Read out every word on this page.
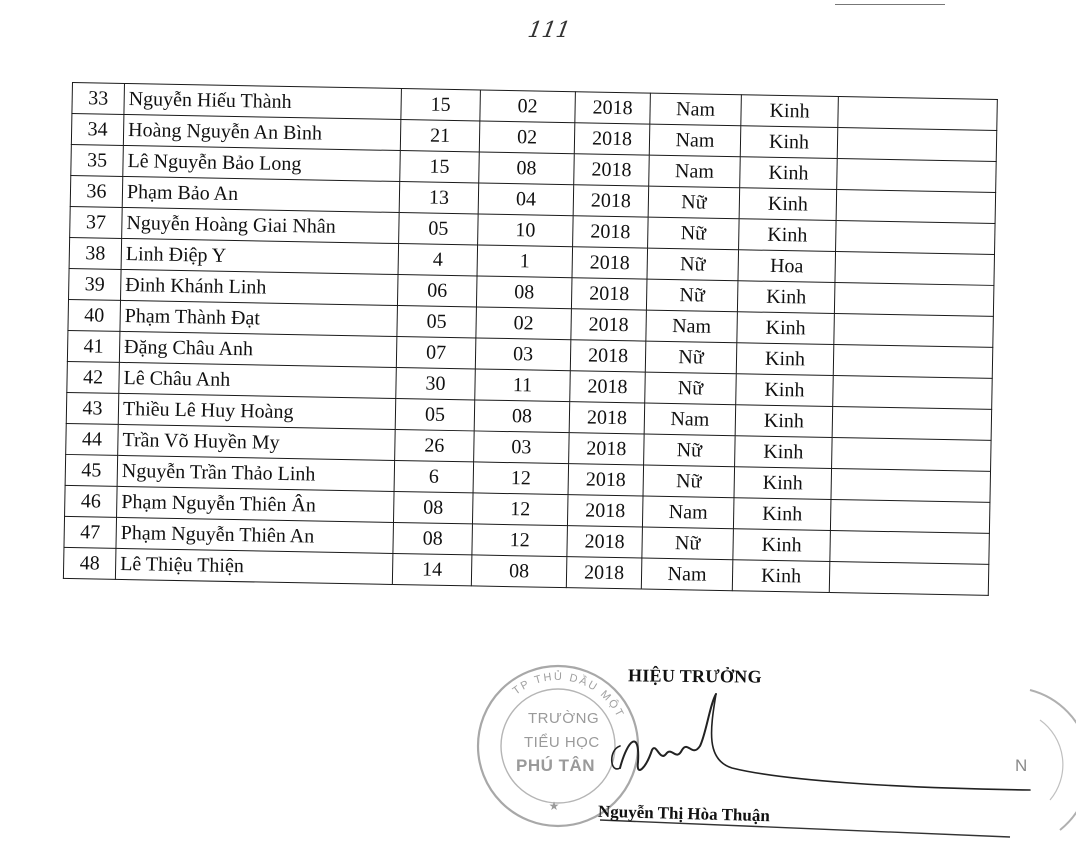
111
33	Nguyễn Hiếu Thành	15	02	2018	Nam	Kinh	
34	Hoàng Nguyễn An Bình	21	02	2018	Nam	Kinh	
35	Lê Nguyễn Bảo Long	15	08	2018	Nam	Kinh	
36	Phạm Bảo An	13	04	2018	Nữ	Kinh	
37	Nguyễn Hoàng Giai Nhân	05	10	2018	Nữ	Kinh	
38	Linh Điệp Y	4	1	2018	Nữ	Hoa	
39	Đinh Khánh Linh	06	08	2018	Nữ	Kinh	
40	Phạm Thành Đạt	05	02	2018	Nam	Kinh	
41	Đặng Châu Anh	07	03	2018	Nữ	Kinh	
42	Lê Châu Anh	30	11	2018	Nữ	Kinh	
43	Thiều Lê Huy Hoàng	05	08	2018	Nam	Kinh	
44	Trần Võ Huyền My	26	03	2018	Nữ	Kinh	
45	Nguyễn Trần Thảo Linh	6	12	2018	Nữ	Kinh	
46	Phạm Nguyễn Thiên Ân	08	12	2018	Nam	Kinh	
47	Phạm Nguyễn Thiên An	08	12	2018	Nữ	Kinh	
48	Lê Thiệu Thiện	14	08	2018	Nam	Kinh	
TP THỦ DẦU MỘT
★
TRƯỜNG
TIỂU HỌC
PHÚ TÂN
HIỆU TRƯỞNG
Nguyễn Thị Hòa Thuận
N
